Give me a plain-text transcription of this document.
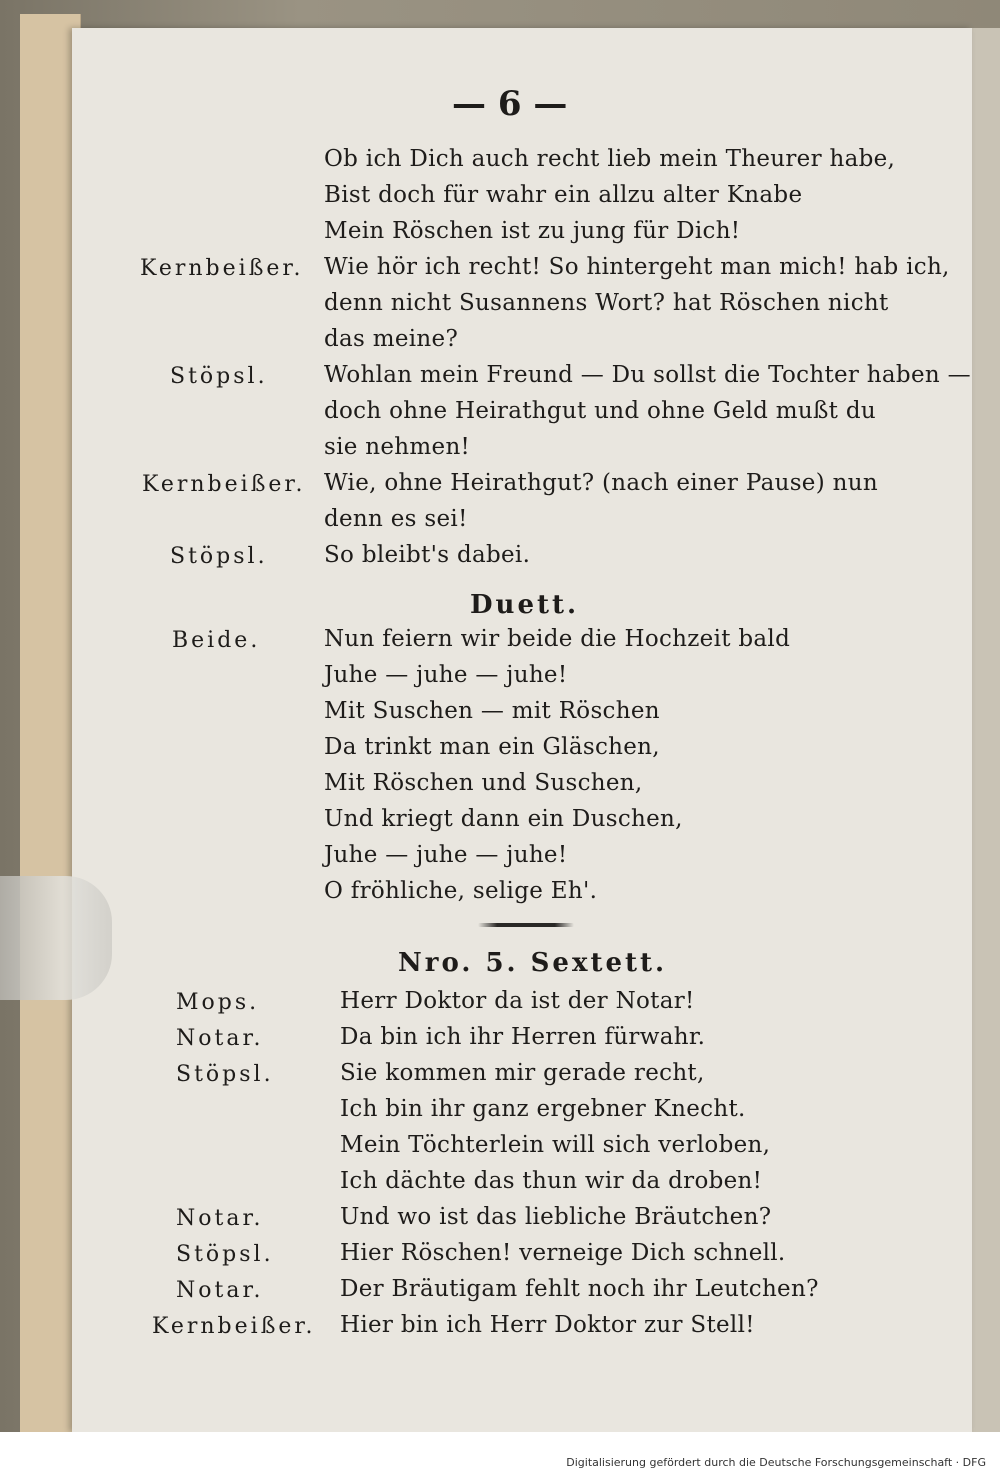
— 6 —
Ob ich Dich auch recht lieb mein Theurer habe,
Bist doch für wahr ein allzu alter Knabe
Mein Röschen ist zu jung für Dich!
Kernbeißer. Wie hör ich recht! So hintergeht man mich! hab ich,
denn nicht Susannens Wort? hat Röschen nicht
das meine?
Stöpsl. Wohlan mein Freund — Du sollst die Tochter haben —
doch ohne Heirathgut und ohne Geld mußt du
sie nehmen!
Kernbeißer. Wie, ohne Heirathgut? (nach einer Pause) nun
denn es sei!
Stöpsl. So bleibt's dabei.
Duett.
Beide.	Nun feiern wir beide die Hochzeit bald
Juhe — juhe — juhe!
Mit Suschen — mit Röschen
Da trinkt man ein Gläschen,
Mit Röschen und Suschen,
Und kriegt dann ein Duschen,
Juhe — juhe — juhe!
O fröhliche, selige Eh'.
Nro. 5. Sextett.
Mops.	Herr Doktor da ist der Notar!
Notar.	Da bin ich ihr Herren fürwahr.
Stöpsl.	Sie kommen mir gerade recht,
Ich bin ihr ganz ergebner Knecht.
Mein Töchterlein will sich verloben,
Ich dächte das thun wir da droben!
Notar.	Und wo ist das liebliche Bräutchen?
Stöpsl.	Hier Röschen! verneige Dich schnell.
Notar.	Der Bräutigam fehlt noch ihr Leutchen?
Kernbeißer. Hier bin ich Herr Doktor zur Stell!
Digitalisierung gefördert durch die Deutsche Forschungsgemeinschaft · DFG
